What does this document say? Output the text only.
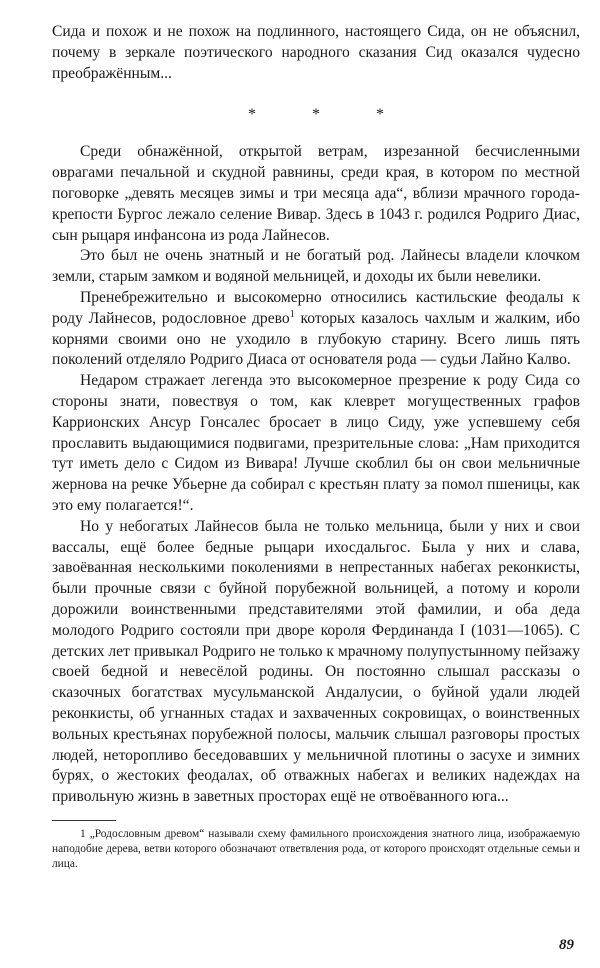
Сида и похож и не похож на подлинного, настоящего Сида, он не объяснил, почему в зеркале поэтического народного сказания Сид оказался чудесно преображённым...

* * *

Среди обнажённой, открытой ветрам, изрезанной бесчисленными оврагами печальной и скудной равнины, среди края, в котором по местной поговорке „девять месяцев зимы и три месяца ада“, вблизи мрачного города-крепости Бургос лежало селение Вивар. Здесь в 1043 г. родился Родриго Диас, сын рыцаря инфансона из рода Лайнесов.

Это был не очень знатный и не богатый род. Лайнесы владели клочком земли, старым замком и водяной мельницей, и доходы их были невелики.

Пренебрежительно и высокомерно относились кастильские феодалы к роду Лайнесов, родословное древо$^1$ которых казалось чахлым и жалким, ибо корнями своими оно не уходило в глубокую старину. Всего лишь пять поколений отделяло Родриго Диаса от основателя рода — судьи Лайно Калво.

Недаром стражает легенда это высокомерное презрение к роду Сида со стороны знати, повествуя о том, как клеврет могущественных графов Каррионских Ансур Гонсалес бросает в лицо Сиду, уже успевшему себя прославить выдающимися подвигами, презрительные слова: „Нам приходится тут иметь дело с Сидом из Вивара! Лучше скоблил бы он свои мельничные жернова на речке Убьерне да собирал с крестьян плату за помол пшеницы, как это ему полагается!“.

Но у небогатых Лайнесов была не только мельница, были у них и свои вассалы, ещё более бедные рыцари ихосдальгос. Была у них и слава, завоёванная несколькими поколениями в непрестанных набегах реконкисты, были прочные связи с буйной порубежной вольницей, а потому и короли дорожили воинственными представителями этой фамилии, и оба деда молодого Родриго состояли при дворе короля Фердинанда I (1031—1065). С детских лет привыкал Родриго не только к мрачному полупустынному пейзажу своей бедной и невесёлой родины. Он постоянно слышал рассказы о сказочных богатствах мусульманской Андалусии, о буйной удали людей реконкисты, об угнанных стадах и захваченных сокровищах, о воинственных вольных крестьянах порубежной полосы, мальчик слышал разговоры простых людей, неторопливо беседовавших у мельничной плотины о засухе и зимних бурях, о жестоких феодалах, об отважных набегах и великих надеждах на привольную жизнь в заветных просторах ещё не отвоёванного юга...

1 „Родословным древом“ называли схему фамильного происхождения знатного лица, изображаемую наподобие дерева, ветви которого обозначают ответвления рода, от которого происходят отдельные семьи и лица.

89
